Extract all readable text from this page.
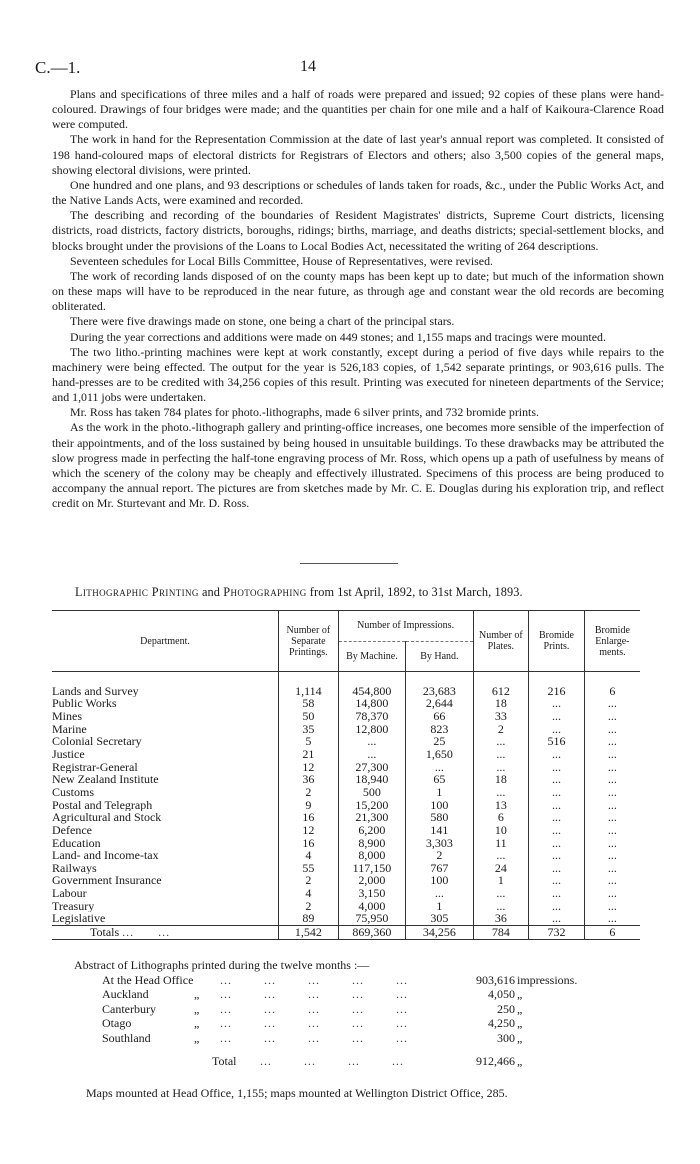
C.—1.	14

Plans and specifications of three miles and a half of roads were prepared and issued; 92 copies of these plans were hand-coloured. Drawings of four bridges were made; and the quantities per chain for one mile and a half of Kaikoura-Clarence Road were computed.

The work in hand for the Representation Commission at the date of last year's annual report was completed. It consisted of 198 hand-coloured maps of electoral districts for Registrars of Electors and others; also 3,500 copies of the general maps, showing electoral divisions, were printed.

One hundred and one plans, and 93 descriptions or schedules of lands taken for roads, &c., under the Public Works Act, and the Native Lands Acts, were examined and recorded.

The describing and recording of the boundaries of Resident Magistrates' districts, Supreme Court districts, licensing districts, road districts, factory districts, boroughs, ridings; births, marriage, and deaths districts; special-settlement blocks, and blocks brought under the provisions of the Loans to Local Bodies Act, necessitated the writing of 264 descriptions.

Seventeen schedules for Local Bills Committee, House of Representatives, were revised.

The work of recording lands disposed of on the county maps has been kept up to date; but much of the information shown on these maps will have to be reproduced in the near future, as through age and constant wear the old records are becoming obliterated.

There were five drawings made on stone, one being a chart of the principal stars.

During the year corrections and additions were made on 449 stones; and 1,155 maps and tracings were mounted.

The two litho.-printing machines were kept at work constantly, except during a period of five days while repairs to the machinery were being effected. The output for the year is 526,183 copies, of 1,542 separate printings, or 903,616 pulls. The hand-presses are to be credited with 34,256 copies of this result. Printing was executed for nineteen departments of the Service; and 1,011 jobs were undertaken.

Mr. Ross has taken 784 plates for photo.-lithographs, made 6 silver prints, and 732 bromide prints.

As the work in the photo.-lithograph gallery and printing-office increases, one becomes more sensible of the imperfection of their appointments, and of the loss sustained by being housed in unsuitable buildings. To these drawbacks may be attributed the slow progress made in perfecting the half-tone engraving process of Mr. Ross, which opens up a path of usefulness by means of which the scenery of the colony may be cheaply and effectively illustrated. Specimens of this process are being produced to accompany the annual report. The pictures are from sketches made by Mr. C. E. Douglas during his exploration trip, and reflect credit on Mr. Sturtevant and Mr. D. Ross.

Lithographic Printing and Photographing from 1st April, 1892, to 31st March, 1893.
Department.	Number of Separate Printings.	Number of Impressions.		Number of Plates.	Bromide Prints.	Bromide Enlarge-ments.
		By Machine.	By Hand.			

Lands and Survey	1,114	454,800	23,683	612	216	6
Public Works	58	14,800	2,644	18	...	...
Mines	50	78,370	66	33	...	...
Marine	35	12,800	823	2	...	...
Colonial Secretary	5	...	25	...	516	...
Justice	21	...	1,650	...	...	...
Registrar-General	12	27,300	...	...	...	...
New Zealand Institute	36	18,940	65	18	...	...
Customs	2	500	1	...	...	...
Postal and Telegraph	9	15,200	100	13	...	...
Agricultural and Stock	16	21,300	580	6	...	...
Defence	12	6,200	141	10	...	...
Education	16	8,900	3,303	11	...	...
Land- and Income-tax	4	8,000	2	...	...	...
Railways	55	117,150	767	24	...	...
Government Insurance	2	2,000	100	1	...	...
Labour	4	3,150	...	...	...	...
Treasury	2	4,000	1	...	...	...
Legislative	89	75,950	305	36	...	...
Totals ... ...	1,542	869,360	34,256	784	732	6
Abstract of Lithographs printed during the twelve months :—
At the Head Office	903,616 impressions.
...        ...        ...        ...        ...
Auckland	„	4,050 „
...        ...        ...        ...        ...
Canterbury	„	250 „
...        ...        ...        ...        ...
Otago	„	4,250 „
...        ...        ...        ...        ...
Southland	„	300 „
...        ...        ...        ...        ...
Total ...        ...        ...        ...	912,466 „
Maps mounted at Head Office, 1,155; maps mounted at Wellington District Office, 285.
